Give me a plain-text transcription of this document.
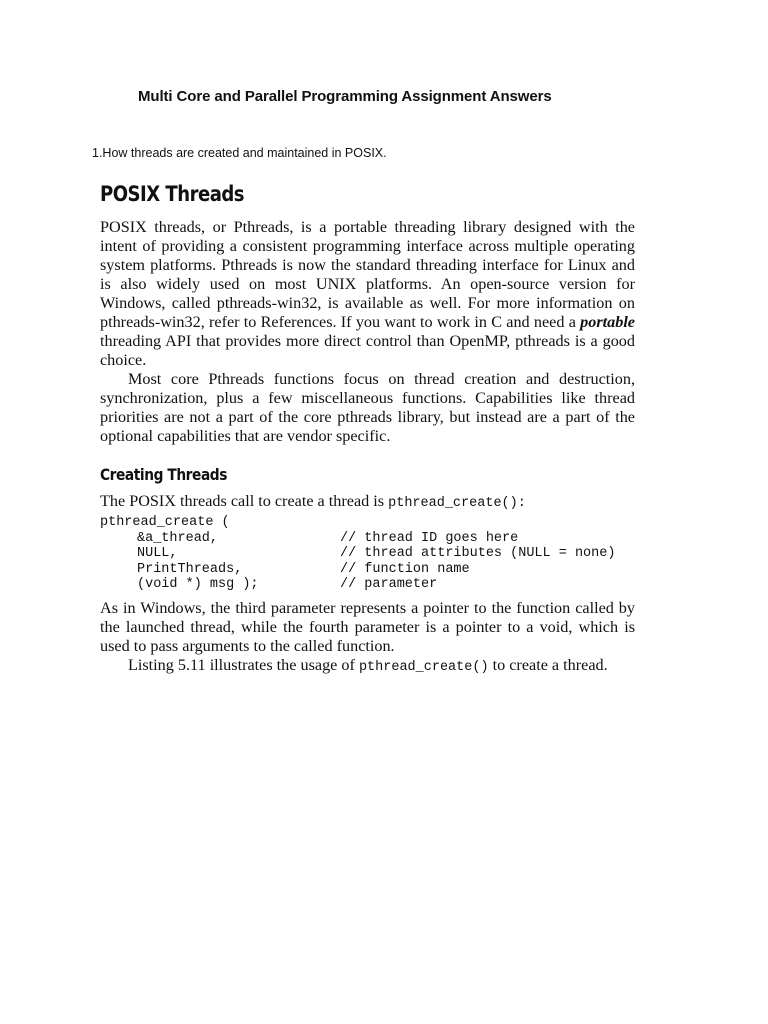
Multi Core and Parallel Programming Assignment Answers

1.How threads are created and maintained in POSIX.

POSIX Threads

POSIX threads, or Pthreads, is a portable threading library designed with the intent of providing a consistent programming interface across multiple operating system platforms. Pthreads is now the standard threading interface for Linux and is also widely used on most UNIX platforms. An open-source version for Windows, called pthreads-win32, is available as well. For more information on pthreads-win32, refer to References. If you want to work in C and need a portable threading API that provides more direct control than OpenMP, pthreads is a good choice.

Most core Pthreads functions focus on thread creation and destruction, synchronization, plus a few miscellaneous functions. Capabilities like thread priorities are not a part of the core pthreads library, but instead are a part of the optional capabilities that are vendor specific.

Creating Threads

The POSIX threads call to create a thread is pthread_create():

pthread_create (
&a_thread,	// thread ID goes here
NULL,	// thread attributes (NULL = none)
PrintThreads,	// function name
(void *) msg );	// parameter

As in Windows, the third parameter represents a pointer to the function called by the launched thread, while the fourth parameter is a pointer to a void, which is used to pass arguments to the called function.

Listing 5.11 illustrates the usage of pthread_create() to create a thread.
